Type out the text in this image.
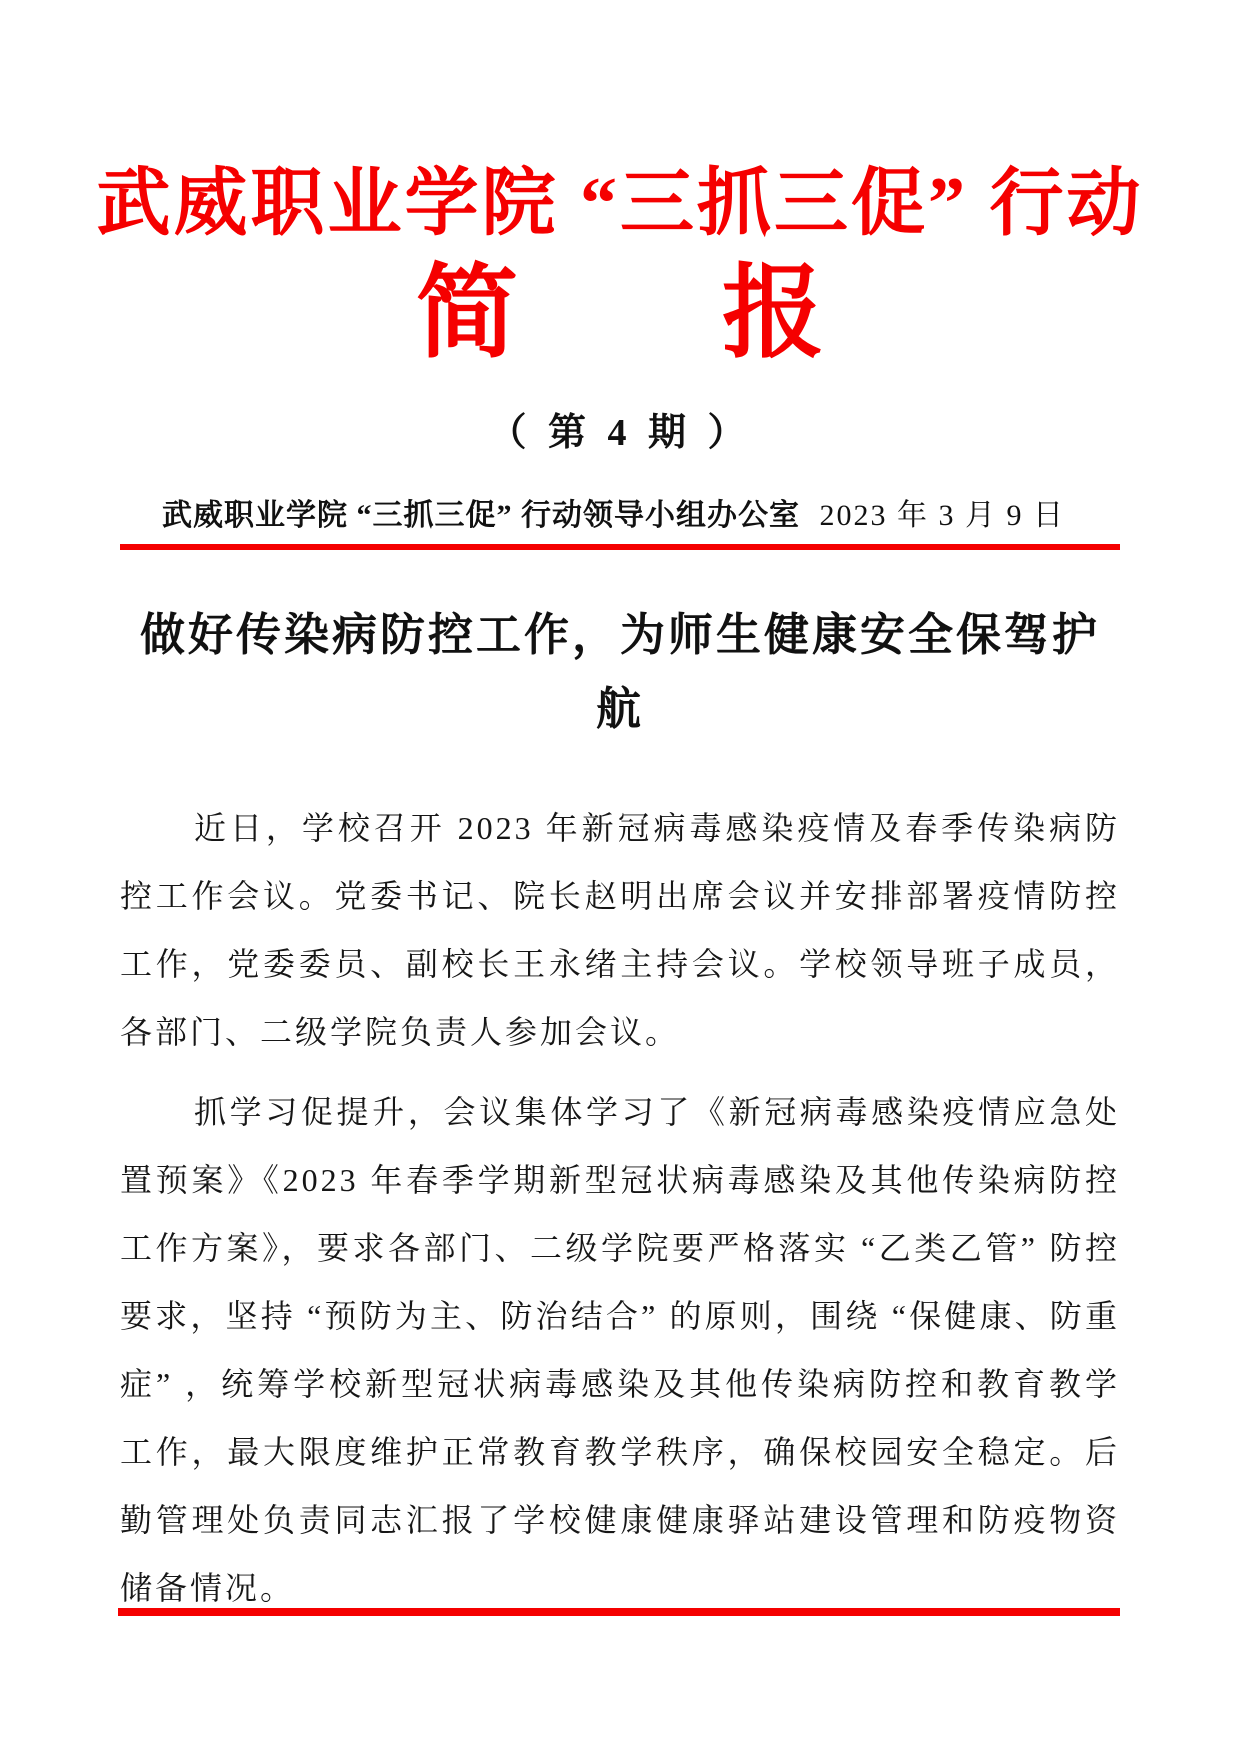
武威职业学院 “三抓三促” 行动
简　　报
（ 第 4 期 ）
武威职业学院 “三抓三促” 行动领导小组办公室 2023 年 3 月 9 日
做好传染病防控工作，为师生健康安全保驾护航

近日，学校召开 2023 年新冠病毒感染疫情及春季传染病防控工作会议。党委书记、院长赵明出席会议并安排部署疫情防控工作，党委委员、副校长王永绪主持会议。学校领导班子成员，各部门、二级学院负责人参加会议。

抓学习促提升，会议集体学习了《新冠病毒感染疫情应急处置预案》《2023 年春季学期新型冠状病毒感染及其他传染病防控工作方案》，要求各部门、二级学院要严格落实 “乙类乙管” 防控要求，坚持 “预防为主、防治结合” 的原则，围绕 “保健康、防重症” ，统筹学校新型冠状病毒感染及其他传染病防控和教育教学工作，最大限度维护正常教育教学秩序，确保校园安全稳定。后勤管理处负责同志汇报了学校健康健康驿站建设管理和防疫物资储备情况。
